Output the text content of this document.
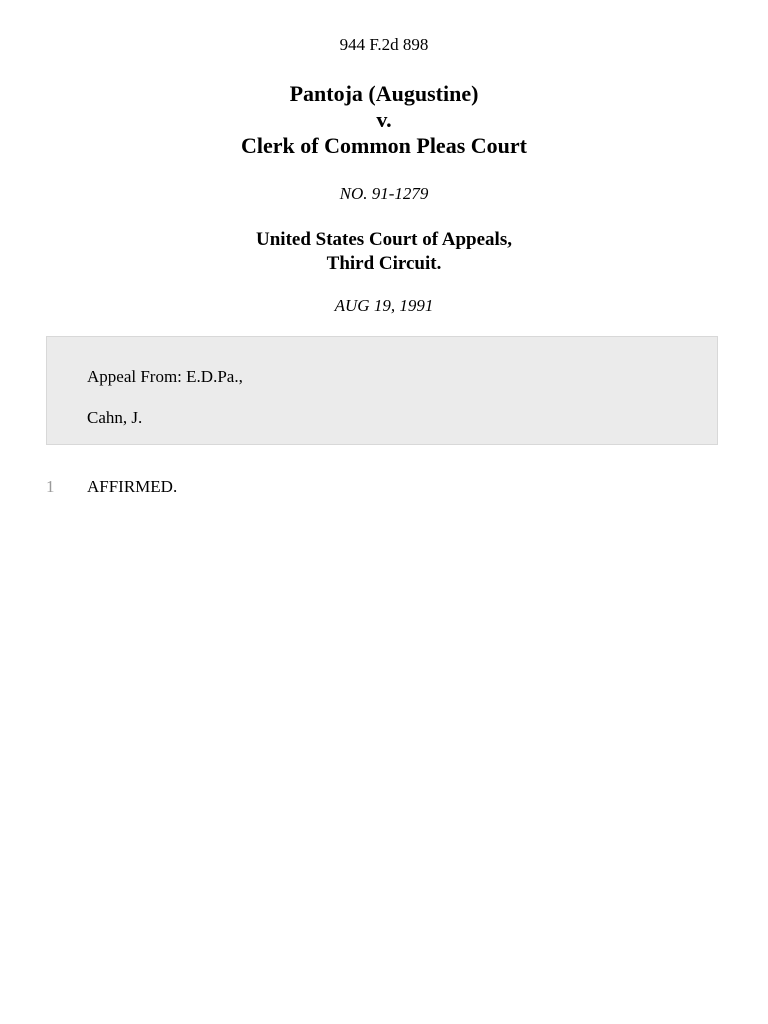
944 F.2d 898
Pantoja (Augustine)
v.
Clerk of Common Pleas Court
NO. 91-1279
United States Court of Appeals,
Third Circuit.
AUG 19, 1991
Appeal From: E.D.Pa.,
Cahn, J.
1 AFFIRMED.
